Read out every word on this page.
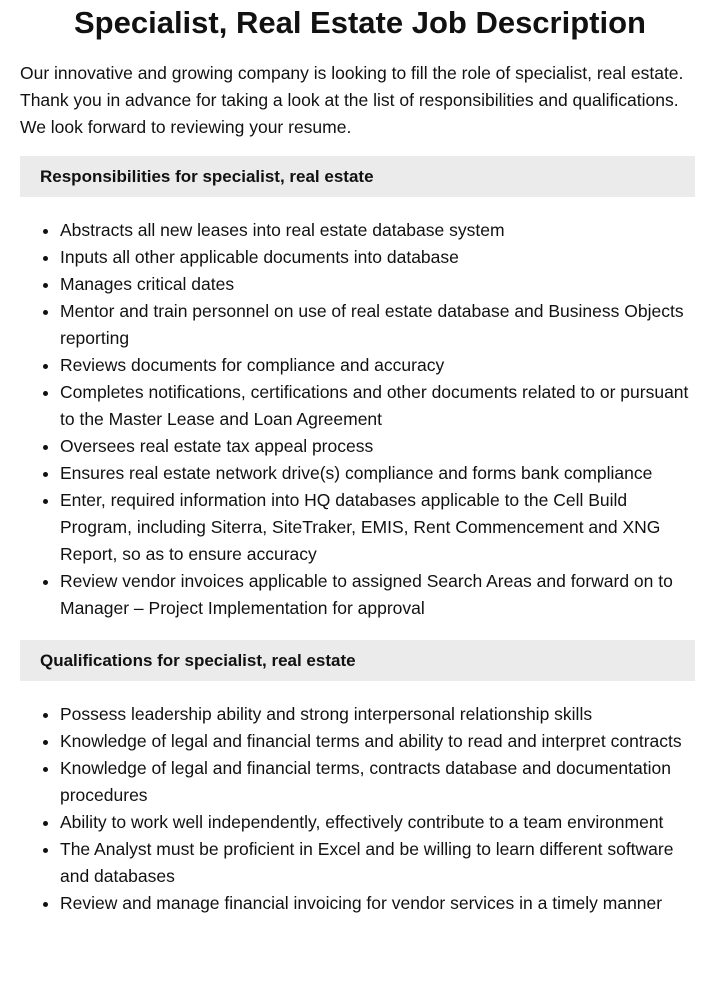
Specialist, Real Estate Job Description

Our innovative and growing company is looking to fill the role of specialist, real estate. Thank you in advance for taking a look at the list of responsibilities and qualifications. We look forward to reviewing your resume.

Responsibilities for specialist, real estate
• Abstracts all new leases into real estate database system
• Inputs all other applicable documents into database
• Manages critical dates
• Mentor and train personnel on use of real estate database and Business Objects reporting
• Reviews documents for compliance and accuracy
• Completes notifications, certifications and other documents related to or pursuant to the Master Lease and Loan Agreement
• Oversees real estate tax appeal process
• Ensures real estate network drive(s) compliance and forms bank compliance
• Enter, required information into HQ databases applicable to the Cell Build Program, including Siterra, SiteTraker, EMIS, Rent Commencement and XNG Report, so as to ensure accuracy
• Review vendor invoices applicable to assigned Search Areas and forward on to Manager – Project Implementation for approval
Qualifications for specialist, real estate
• Possess leadership ability and strong interpersonal relationship skills
• Knowledge of legal and financial terms and ability to read and interpret contracts
• Knowledge of legal and financial terms, contracts database and documentation procedures
• Ability to work well independently, effectively contribute to a team environment
• The Analyst must be proficient in Excel and be willing to learn different software and databases
• Review and manage financial invoicing for vendor services in a timely manner
